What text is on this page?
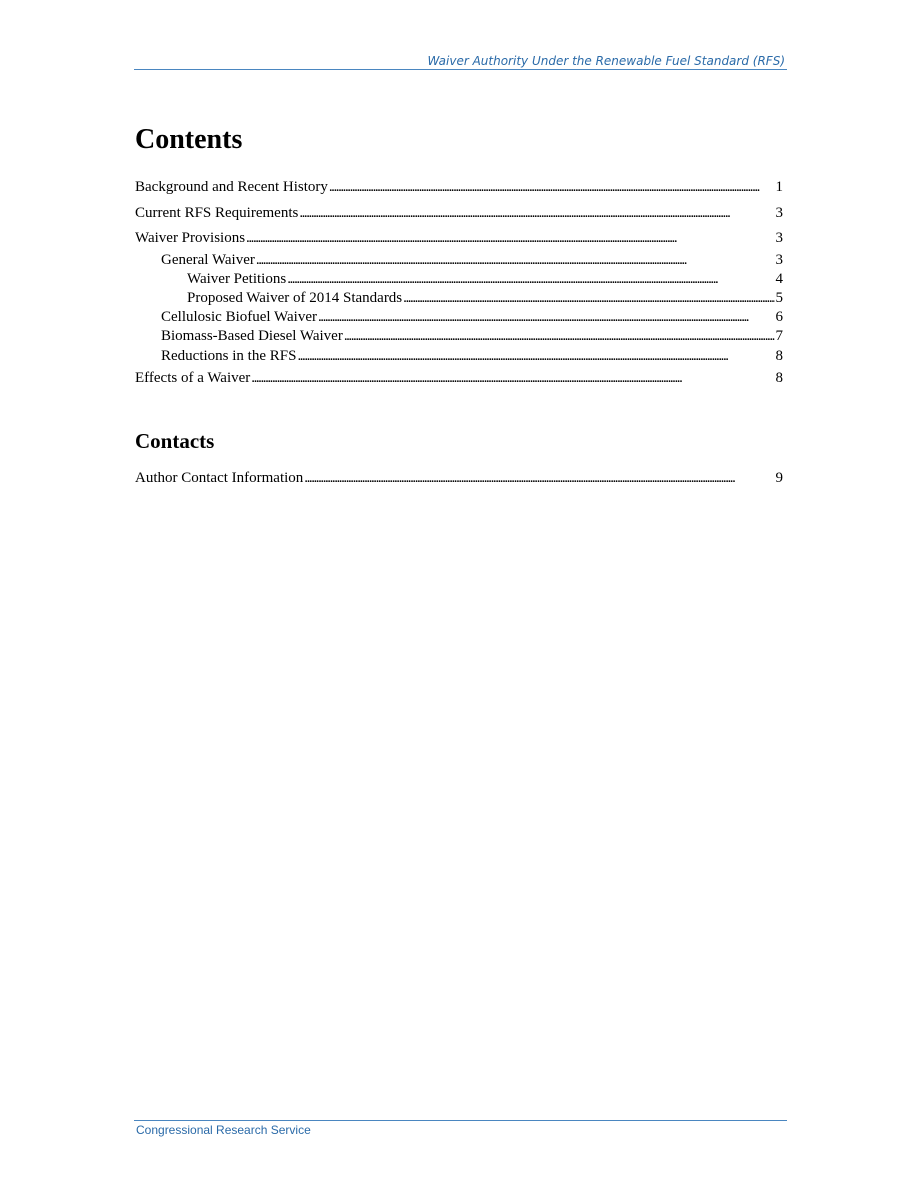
Waiver Authority Under the Renewable Fuel Standard (RFS)
Contents
Background and Recent History . . .	1
Current RFS Requirements . . .	3
Waiver Provisions . . .	3
General Waiver . . .	3
Waiver Petitions . . .	4
Proposed Waiver of 2014 Standards . . .	5
Cellulosic Biofuel Waiver . . .	6
Biomass-Based Diesel Waiver . . .	7
Reductions in the RFS . . .	8
Effects of a Waiver . . .	8
Contacts
Author Contact Information . . .	9
Congressional Research Service
